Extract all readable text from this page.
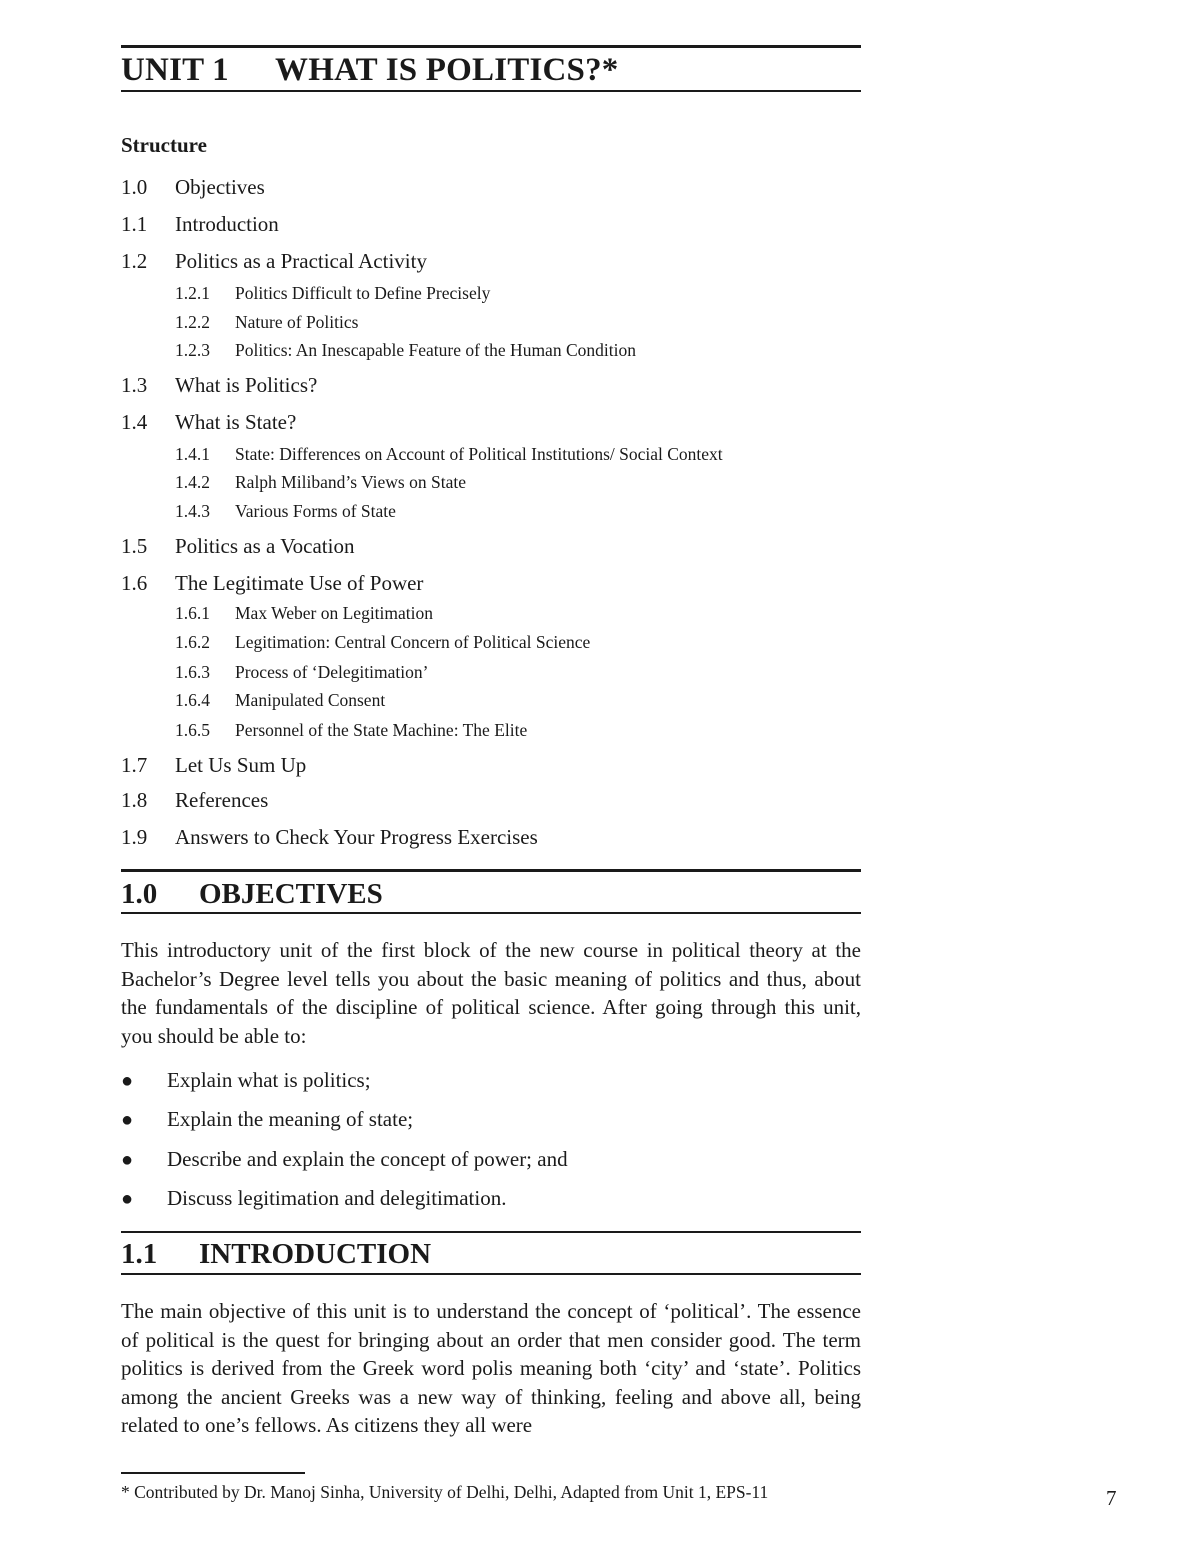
UNIT 1 WHAT IS POLITICS?*
Structure
1.0 Objectives
1.1 Introduction
1.2 Politics as a Practical Activity
1.2.1 Politics Difficult to Define Precisely
1.2.2 Nature of Politics
1.2.3 Politics: An Inescapable Feature of the Human Condition
1.3 What is Politics?
1.4 What is State?
1.4.1 State: Differences on Account of Political Institutions/ Social Context
1.4.2 Ralph Miliband’s Views on State
1.4.3 Various Forms of State
1.5 Politics as a Vocation
1.6 The Legitimate Use of Power
1.6.1 Max Weber on Legitimation
1.6.2 Legitimation: Central Concern of Political Science
1.6.3 Process of ‘Delegitimation’
1.6.4 Manipulated Consent
1.6.5 Personnel of the State Machine: The Elite
1.7 Let Us Sum Up
1.8 References
1.9 Answers to Check Your Progress Exercises
1.0 OBJECTIVES
This introductory unit of the first block of the new course in political theory at the Bachelor’s Degree level tells you about the basic meaning of politics and thus, about the fundamentals of the discipline of political science. After going through this unit, you should be able to:
● Explain what is politics;
● Explain the meaning of state;
● Describe and explain the concept of power; and
● Discuss legitimation and delegitimation.
1.1 INTRODUCTION
The main objective of this unit is to understand the concept of ‘political’. The essence of political is the quest for bringing about an order that men consider good. The term politics is derived from the Greek word polis meaning both ‘city’ and ‘state’. Politics among the ancient Greeks was a new way of thinking, feeling and above all, being related to one’s fellows. As citizens they all were
* Contributed by Dr. Manoj Sinha, University of Delhi, Delhi, Adapted from Unit 1, EPS-11	7
